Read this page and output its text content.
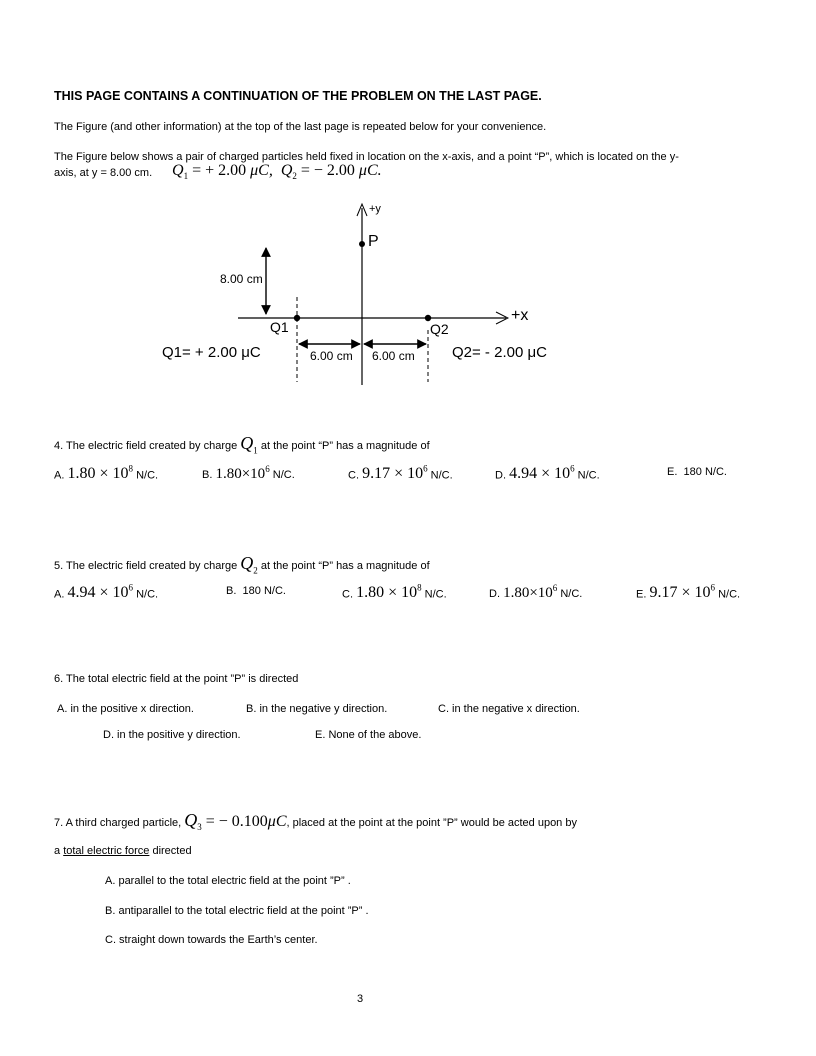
THIS PAGE CONTAINS A CONTINUATION OF THE PROBLEM ON THE LAST PAGE.
The Figure (and other information) at the top of the last page is repeated below for your convenience.
The Figure below shows a pair of charged particles held fixed in location on the x-axis, and a point “P”, which is located on the y-
axis, at y = 8.00 cm. $Q_1$ = + 2.00 μC, $Q_2$ = − 2.00 μC.
+y
P
+x
8.00 cm
Q1	Q2
6.00 cm 6.00 cm
Q1= + 2.00 μC	Q2= - 2.00 μC
4. The electric field created by charge $Q_1$ at the point “P” has a magnitude of
A. $1.80 \times 10^8$ N/C.	B. $1.80\times 10^6$ N/C.	C. $9.17 \times 10^6$ N/C.	D. $4.94 \times 10^6$ N/C.	E. 180 N/C.
5. The electric field created by charge $Q_2$ at the point “P” has a magnitude of
A. $4.94 \times 10^6$ N/C.	B. 180 N/C.	C. $1.80 \times 10^8$ N/C.	D. $1.80\times 10^6$ N/C.	E. $9.17 \times 10^6$ N/C.
6. The total electric field at the point ”P” is directed
A. in the positive x direction.	B. in the negative y direction.	C. in the negative x direction.
D. in the positive y direction.	E. None of the above.
7. A third charged particle, $Q_3$ = − 0.100μC, placed at the point at the point ”P” would be acted upon by
a total electric force directed
A. parallel to the total electric field at the point ”P” .
B. antiparallel to the total electric field at the point ”P” .
C. straight down towards the Earth’s center.
3
